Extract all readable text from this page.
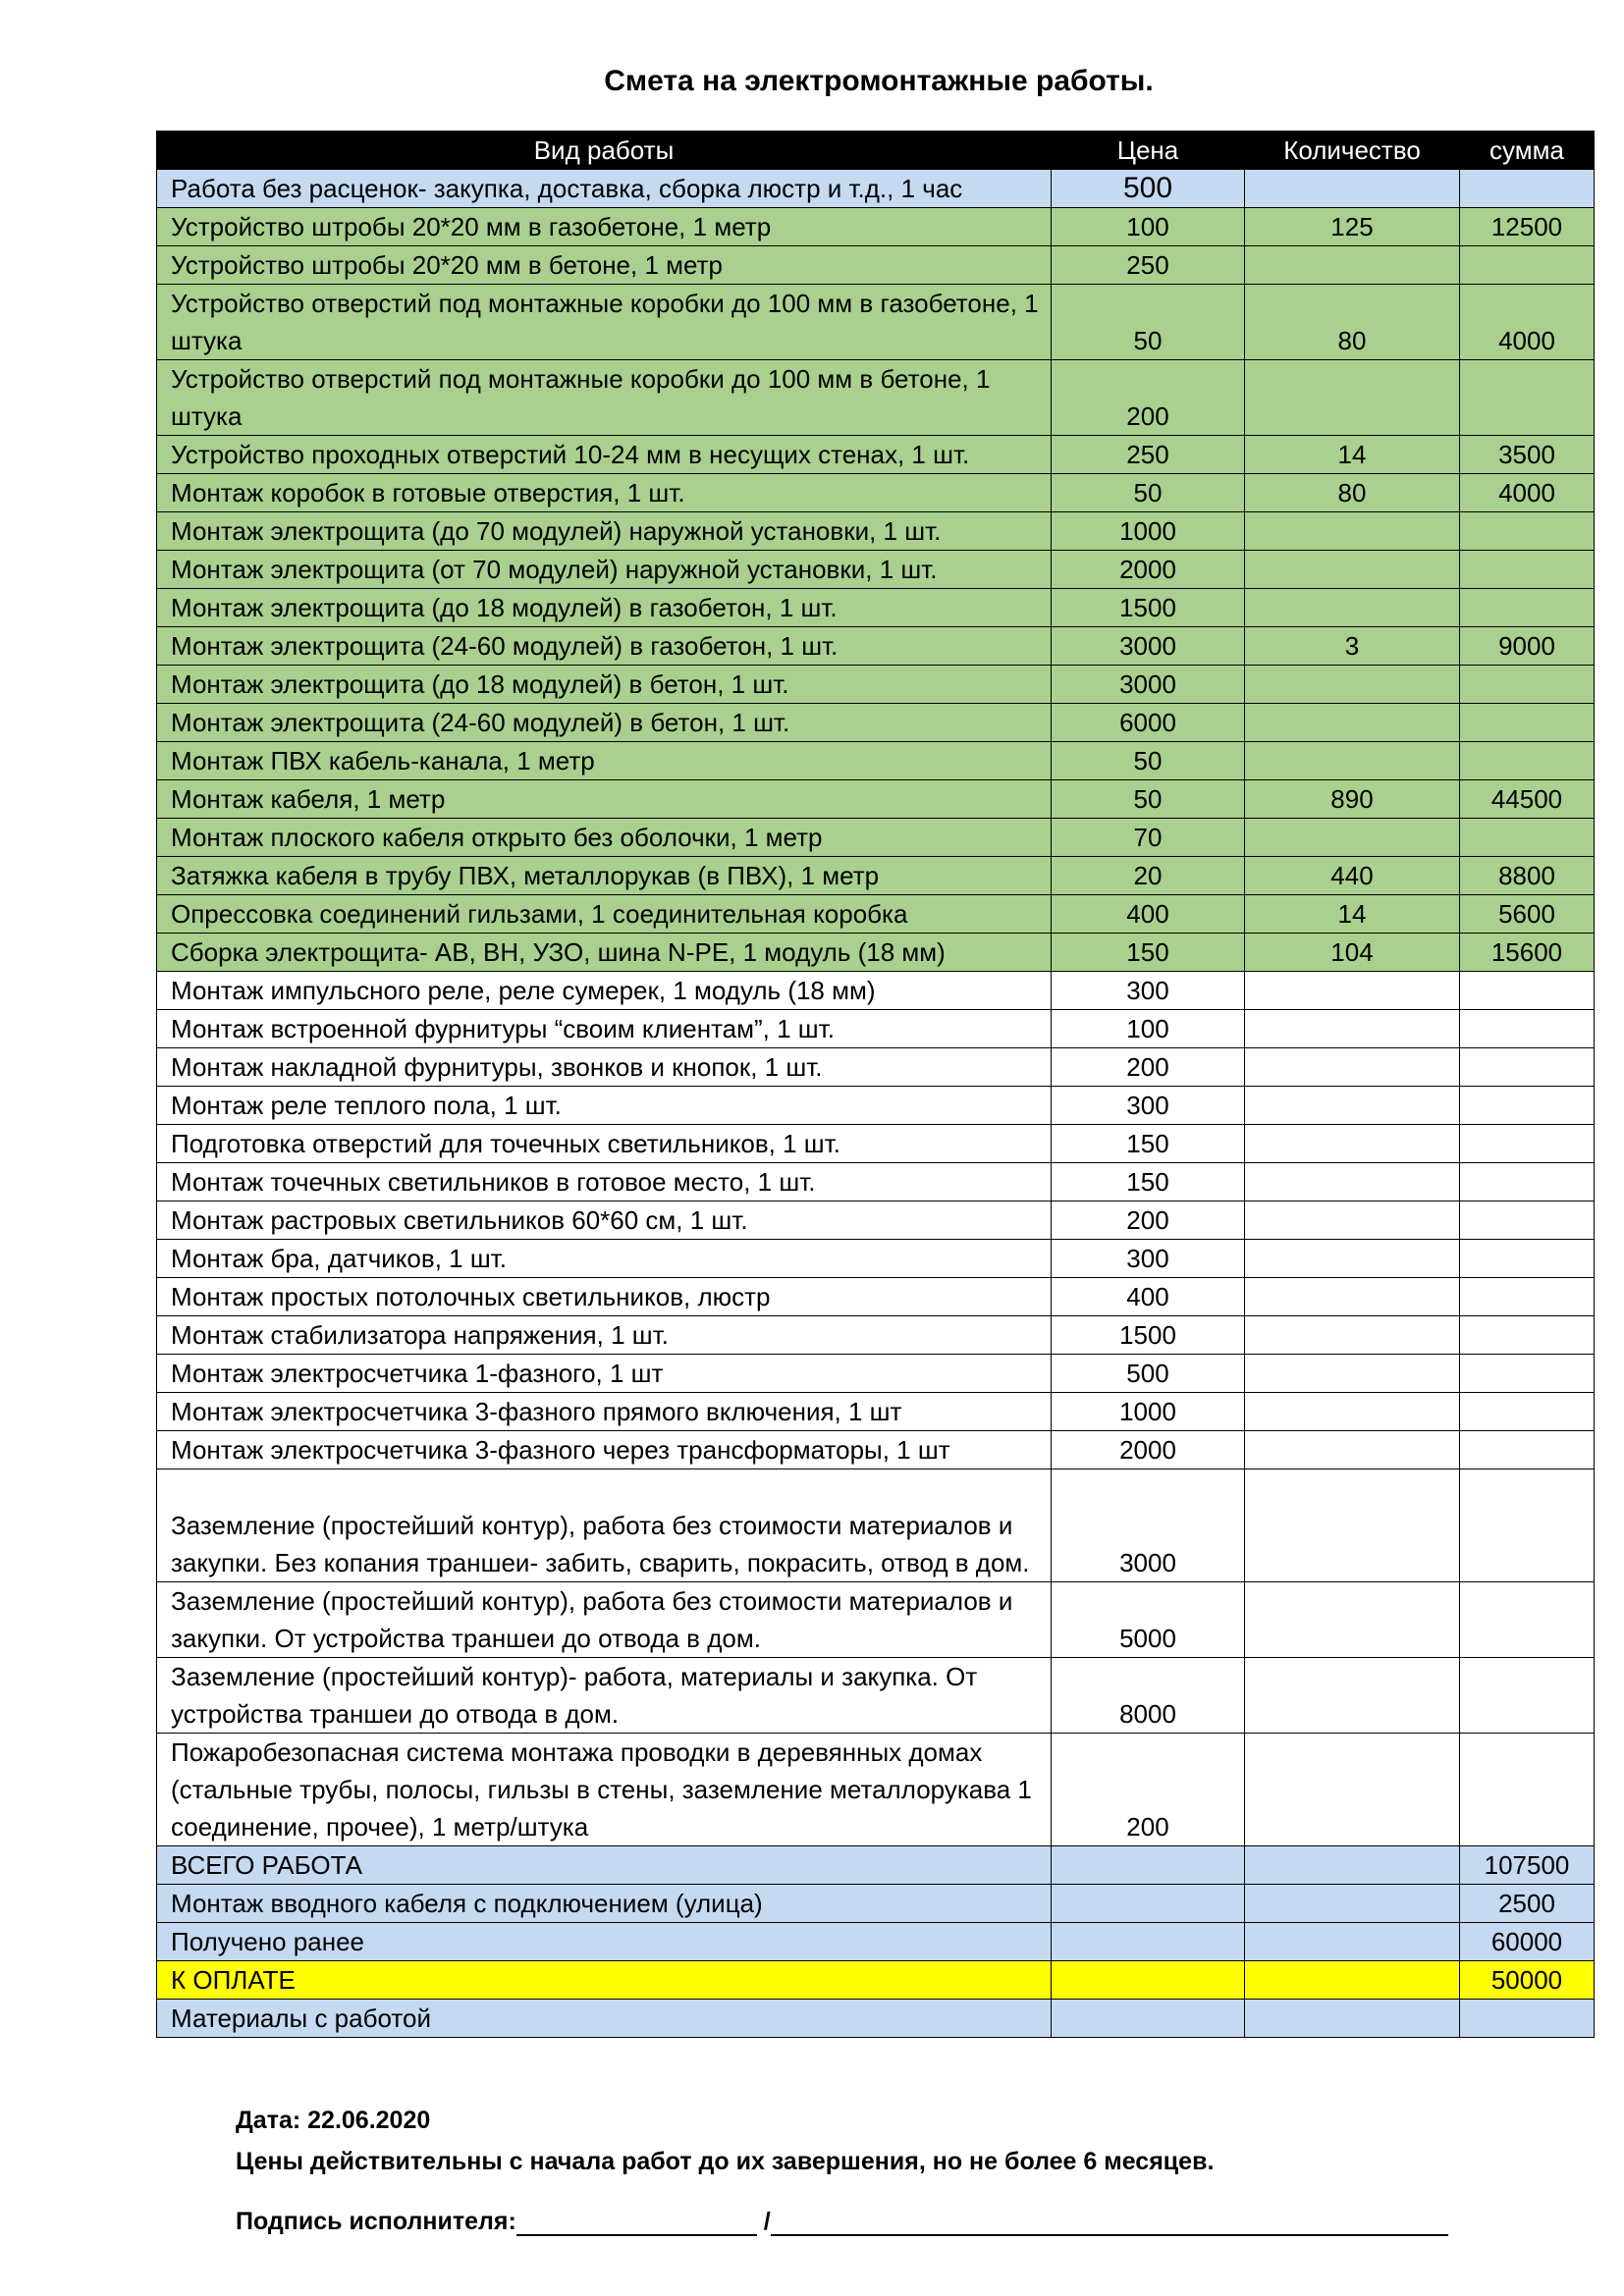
Смета на электромонтажные работы.
Вид работы	Цена	Количество	сумма
Работа без расценок- закупка, доставка, сборка люстр и т.д., 1 час	500		
Устройство штробы 20*20 мм в газобетоне, 1 метр	100	125	12500
Устройство штробы 20*20 мм в бетоне, 1 метр	250		
Устройство отверстий под монтажные коробки до 100 мм в газобетоне, 1 штука	50	80	4000
Устройство отверстий под монтажные коробки до 100 мм в бетоне, 1 штука	200		
Устройство проходных отверстий 10-24 мм в несущих стенах, 1 шт.	250	14	3500
Монтаж коробок в готовые отверстия, 1 шт.	50	80	4000
Монтаж электрощита (до 70 модулей) наружной установки, 1 шт.	1000		
Монтаж электрощита (от 70 модулей) наружной установки, 1 шт.	2000		
Монтаж электрощита (до 18 модулей) в газобетон, 1 шт.	1500		
Монтаж электрощита (24-60 модулей) в газобетон, 1 шт.	3000	3	9000
Монтаж электрощита (до 18 модулей) в бетон, 1 шт.	3000		
Монтаж электрощита (24-60 модулей) в бетон, 1 шт.	6000		
Монтаж ПВХ кабель-канала, 1 метр	50		
Монтаж кабеля, 1 метр	50	890	44500
Монтаж плоского кабеля открыто без оболочки, 1 метр	70		
Затяжка кабеля в трубу ПВХ, металлорукав (в ПВХ), 1 метр	20	440	8800
Опрессовка соединений гильзами, 1 соединительная коробка	400	14	5600
Сборка электрощита- АВ, ВН, УЗО, шина N-PE, 1 модуль (18 мм)	150	104	15600
Монтаж импульсного реле, реле сумерек, 1 модуль (18 мм)	300		
Монтаж встроенной фурнитуры “своим клиентам”, 1 шт.	100		
Монтаж накладной фурнитуры, звонков и кнопок, 1 шт.	200		
Монтаж реле теплого пола, 1 шт.	300		
Подготовка отверстий для точечных светильников, 1 шт.	150		
Монтаж точечных светильников в готовое место, 1 шт.	150		
Монтаж растровых светильников 60*60 см, 1 шт.	200		
Монтаж бра, датчиков, 1 шт.	300		
Монтаж простых потолочных светильников, люстр	400		
Монтаж стабилизатора напряжения, 1 шт.	1500		
Монтаж электросчетчика 1-фазного, 1 шт	500		
Монтаж электросчетчика 3-фазного прямого включения, 1 шт	1000		
Монтаж электросчетчика 3-фазного через трансформаторы, 1 шт	2000		
Заземление (простейший контур), работа без стоимости материалов и закупки. Без копания траншеи- забить, сварить, покрасить, отвод в дом.	3000		
Заземление (простейший контур), работа без стоимости материалов и закупки. От устройства траншеи до отвода в дом.	5000		
Заземление (простейший контур)- работа, материалы и закупка. От устройства траншеи до отвода в дом.	8000		
Пожаробезопасная система монтажа проводки в деревянных домах (стальные трубы, полосы, гильзы в стены, заземление металлорукава 1 соединение, прочее), 1 метр/штука	200		
ВСЕГО РАБОТА			107500
Монтаж вводного кабеля с подключением (улица)			2500
Получено ранее			60000
К ОПЛАТЕ			50000
Материалы с работой			
Дата: 22.06.2020
Цены действительны с начала работ до их завершения, но не более 6 месяцев.
Подпись исполнителя:	/
